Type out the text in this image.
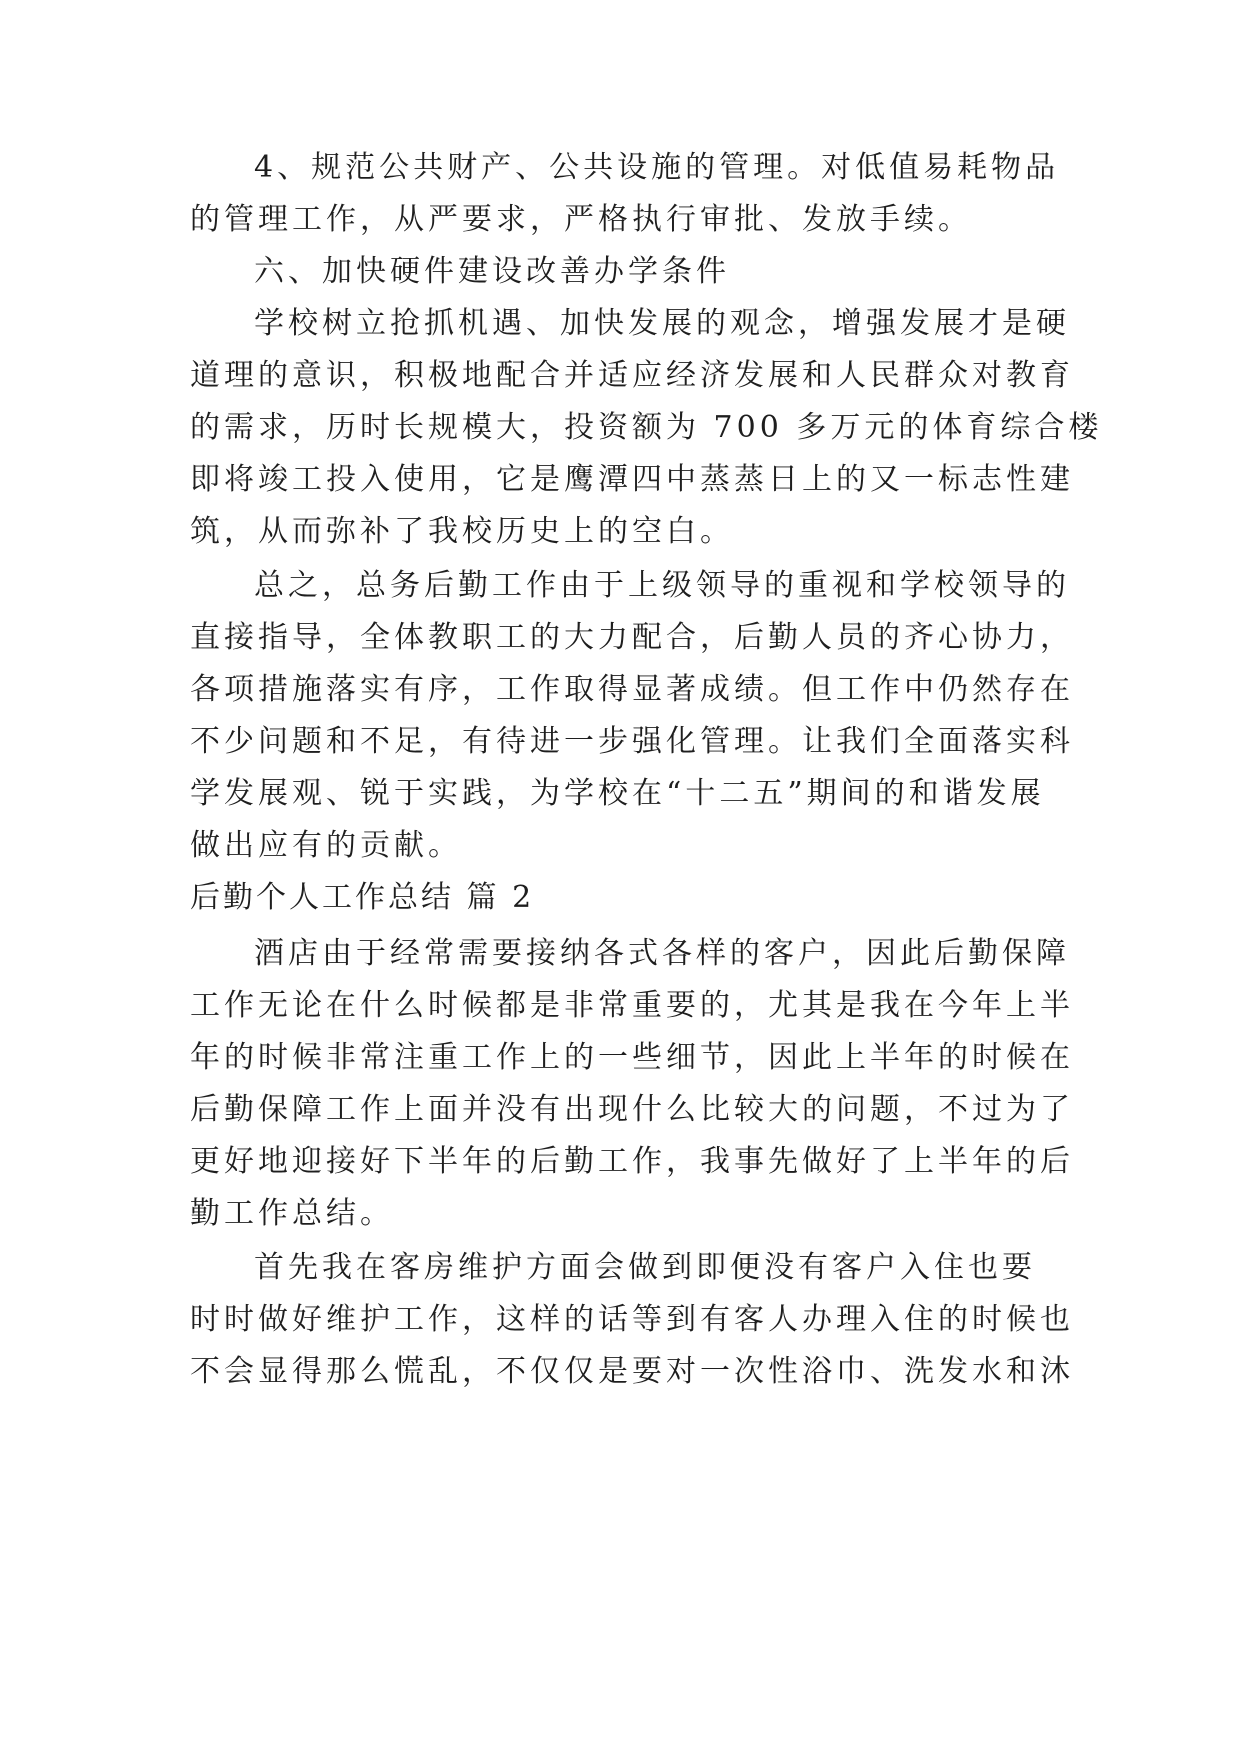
4、规范公共财产、公共设施的管理。对低值易耗物品
的管理工作，从严要求，严格执行审批、发放手续。
六、加快硬件建设改善办学条件
学校树立抢抓机遇、加快发展的观念，增强发展才是硬
道理的意识，积极地配合并适应经济发展和人民群众对教育
的需求，历时长规模大，投资额为 700 多万元的体育综合楼
即将竣工投入使用，它是鹰潭四中蒸蒸日上的又一标志性建
筑，从而弥补了我校历史上的空白。
总之，总务后勤工作由于上级领导的重视和学校领导的
直接指导，全体教职工的大力配合，后勤人员的齐心协力，
各项措施落实有序，工作取得显著成绩。但工作中仍然存在
不少问题和不足，有待进一步强化管理。让我们全面落实科
学发展观、锐于实践，为学校在“十二五”期间的和谐发展
做出应有的贡献。
后勤个人工作总结 篇 2
酒店由于经常需要接纳各式各样的客户，因此后勤保障
工作无论在什么时候都是非常重要的，尤其是我在今年上半
年的时候非常注重工作上的一些细节，因此上半年的时候在
后勤保障工作上面并没有出现什么比较大的问题，不过为了
更好地迎接好下半年的后勤工作，我事先做好了上半年的后
勤工作总结。
首先我在客房维护方面会做到即便没有客户入住也要
时时做好维护工作，这样的话等到有客人办理入住的时候也
不会显得那么慌乱，不仅仅是要对一次性浴巾、洗发水和沐
